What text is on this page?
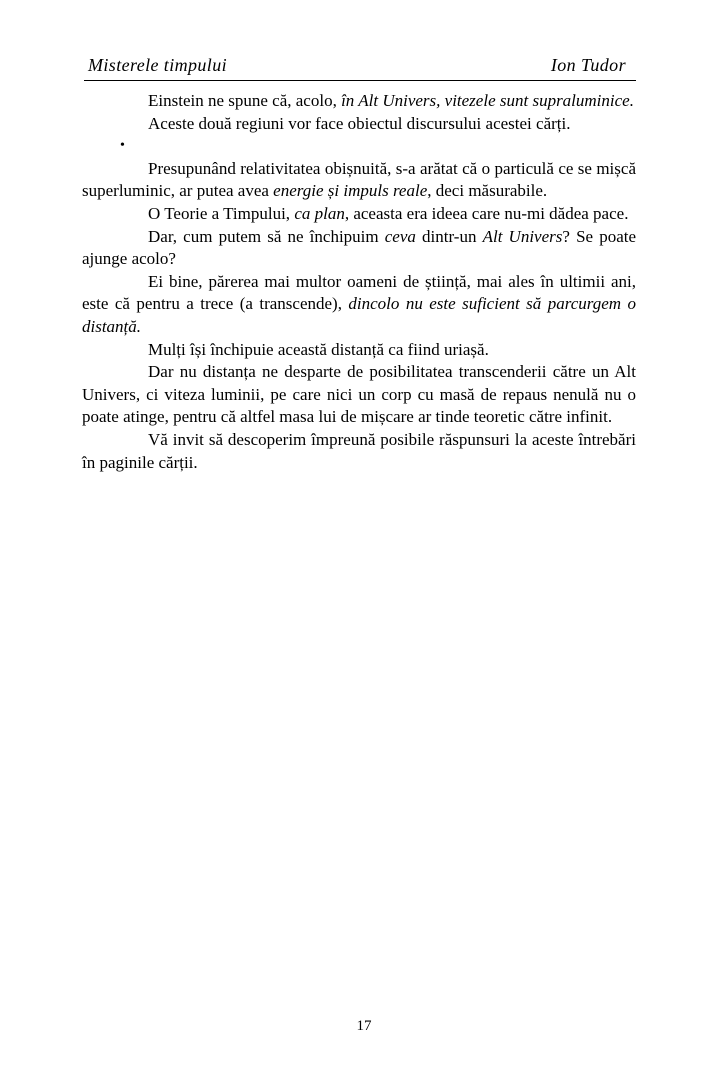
Misterele timpului	Ion Tudor

Einstein ne spune că, acolo, în Alt Univers, vitezele sunt supraluminice.

Aceste două regiuni vor face obiectul discursului acestei cărți.

•

Presupunând relativitatea obișnuită, s-a arătat că o particulă ce se mișcă superluminic, ar putea avea energie și impuls reale, deci măsurabile.

O Teorie a Timpului, ca plan, aceasta era ideea care nu-mi dădea pace.

Dar, cum putem să ne închipuim ceva dintr-un Alt Univers? Se poate ajunge acolo?

Ei bine, părerea mai multor oameni de știință, mai ales în ultimii ani, este că pentru a trece (a transcende), dincolo nu este suficient să parcurgem o distanță.

Mulți își închipuie această distanță ca fiind uriașă.

Dar nu distanța ne desparte de posibilitatea transcenderii către un Alt Univers, ci viteza luminii, pe care nici un corp cu masă de repaus nenulă nu o poate atinge, pentru că altfel masa lui de mișcare ar tinde teoretic către infinit.

Vă invit să descoperim împreună posibile răspunsuri la aceste întrebări în paginile cărții.

17
